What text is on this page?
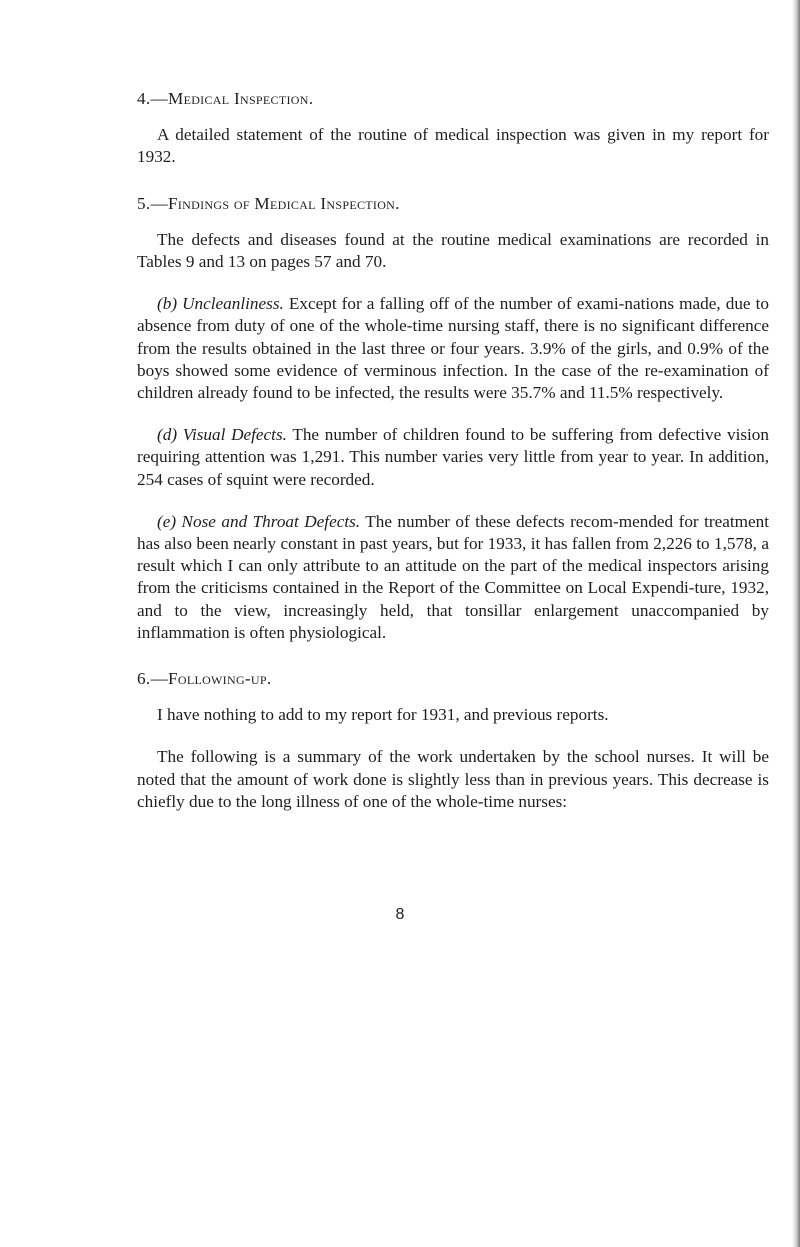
4.—Medical Inspection.

A detailed statement of the routine of medical inspection was given in my report for 1932.

5.—Findings of Medical Inspection.

The defects and diseases found at the routine medical examinations are recorded in Tables 9 and 13 on pages 57 and 70.

(b) Uncleanliness. Except for a falling off of the number of exami-nations made, due to absence from duty of one of the whole-time nursing staff, there is no significant difference from the results obtained in the last three or four years. 3.9% of the girls, and 0.9% of the boys showed some evidence of verminous infection. In the case of the re-examination of children already found to be infected, the results were 35.7% and 11.5% respectively.

(d) Visual Defects. The number of children found to be suffering from defective vision requiring attention was 1,291. This number varies very little from year to year. In addition, 254 cases of squint were recorded.

(e) Nose and Throat Defects. The number of these defects recom-mended for treatment has also been nearly constant in past years, but for 1933, it has fallen from 2,226 to 1,578, a result which I can only attribute to an attitude on the part of the medical inspectors arising from the criticisms contained in the Report of the Committee on Local Expendi-ture, 1932, and to the view, increasingly held, that tonsillar enlargement unaccompanied by inflammation is often physiological.

6.—Following-up.

I have nothing to add to my report for 1931, and previous reports.

The following is a summary of the work undertaken by the school nurses. It will be noted that the amount of work done is slightly less than in previous years. This decrease is chiefly due to the long illness of one of the whole-time nurses:

8
